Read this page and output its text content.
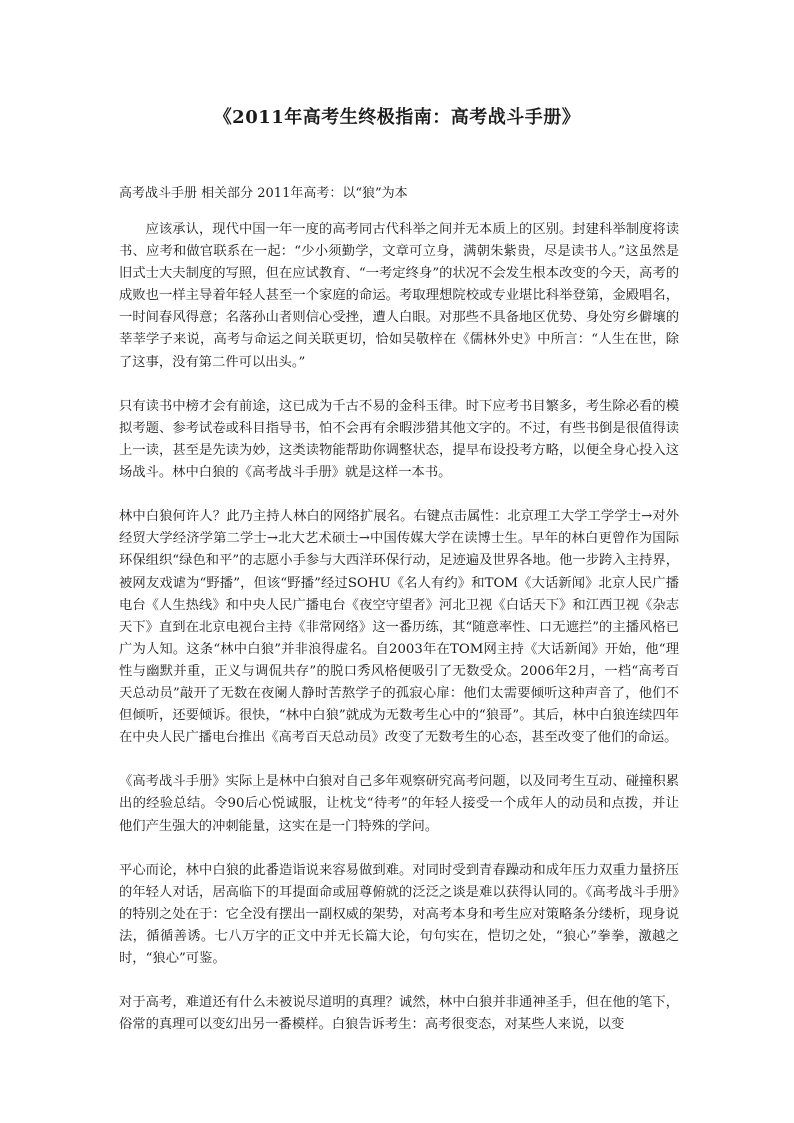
《2011年高考生终极指南：高考战斗手册》
高考战斗手册 相关部分 2011年高考：以“狼”为本

应该承认，现代中国一年一度的高考同古代科举之间并无本质上的区别。封建科举制度将读书、应考和做官联系在一起：“少小须勤学，文章可立身，满朝朱紫贵，尽是读书人。”这虽然是旧式士大夫制度的写照，但在应试教育、“一考定终身”的状况不会发生根本改变的今天，高考的成败也一样主导着年轻人甚至一个家庭的命运。考取理想院校或专业堪比科举登第，金殿唱名，一时间春风得意；名落孙山者则信心受挫，遭人白眼。对那些不具备地区优势、身处穷乡僻壤的莘莘学子来说，高考与命运之间关联更切，恰如吴敬梓在《儒林外史》中所言：“人生在世，除了这事，没有第二件可以出头。”

只有读书中榜才会有前途，这已成为千古不易的金科玉律。时下应考书目繁多，考生除必看的模拟考题、参考试卷或科目指导书，怕不会再有余暇涉猎其他文字的。不过，有些书倒是很值得读上一读，甚至是先读为妙，这类读物能帮助你调整状态，提早布设投考方略，以便全身心投入这场战斗。林中白狼的《高考战斗手册》就是这样一本书。

林中白狼何许人？此乃主持人林白的网络扩展名。右键点击属性：北京理工大学工学学士→对外经贸大学经济学第二学士→北大艺术硕士→中国传媒大学在读博士生。早年的林白更曾作为国际环保组织“绿色和平”的志愿小手参与大西洋环保行动，足迹遍及世界各地。他一步跨入主持界，被网友戏谑为“野播”，但该“野播”经过SOHU《名人有约》和TOM《大话新闻》北京人民广播电台《人生热线》和中央人民广播电台《夜空守望者》河北卫视《白话天下》和江西卫视《杂志天下》直到在北京电视台主持《非常网络》这一番历练，其“随意率性、口无遮拦”的主播风格已广为人知。这条“林中白狼”并非浪得虚名。自2003年在TOM网主持《大话新闻》开始，他“理性与幽默并重，正义与调侃共存”的脱口秀风格便吸引了无数受众。2006年2月，一档“高考百天总动员”敲开了无数在夜阑人静时苦熬学子的孤寂心扉：他们太需要倾听这种声音了，他们不但倾听，还要倾诉。很快，“林中白狼”就成为无数考生心中的“狼哥”。其后，林中白狼连续四年在中央人民广播电台推出《高考百天总动员》改变了无数考生的心态，甚至改变了他们的命运。

《高考战斗手册》实际上是林中白狼对自己多年观察研究高考问题，以及同考生互动、碰撞积累出的经验总结。令90后心悦诚服，让枕戈“待考”的年轻人接受一个成年人的动员和点拨，并让他们产生强大的冲刺能量，这实在是一门特殊的学问。

平心而论，林中白狼的此番造诣说来容易做到难。对同时受到青春躁动和成年压力双重力量挤压的年轻人对话，居高临下的耳提面命或屈尊俯就的泛泛之谈是难以获得认同的。《高考战斗手册》的特别之处在于：它全没有摆出一副权威的架势，对高考本身和考生应对策略条分缕析，现身说法，循循善诱。七八万字的正文中并无长篇大论，句句实在，恺切之处，“狼心”拳拳，激越之时，“狼心”可鉴。

对于高考，难道还有什么未被说尽道明的真理？诚然，林中白狼并非通神圣手，但在他的笔下，俗常的真理可以变幻出另一番模样。白狼告诉考生：高考很变态，对某些人来说，以变
